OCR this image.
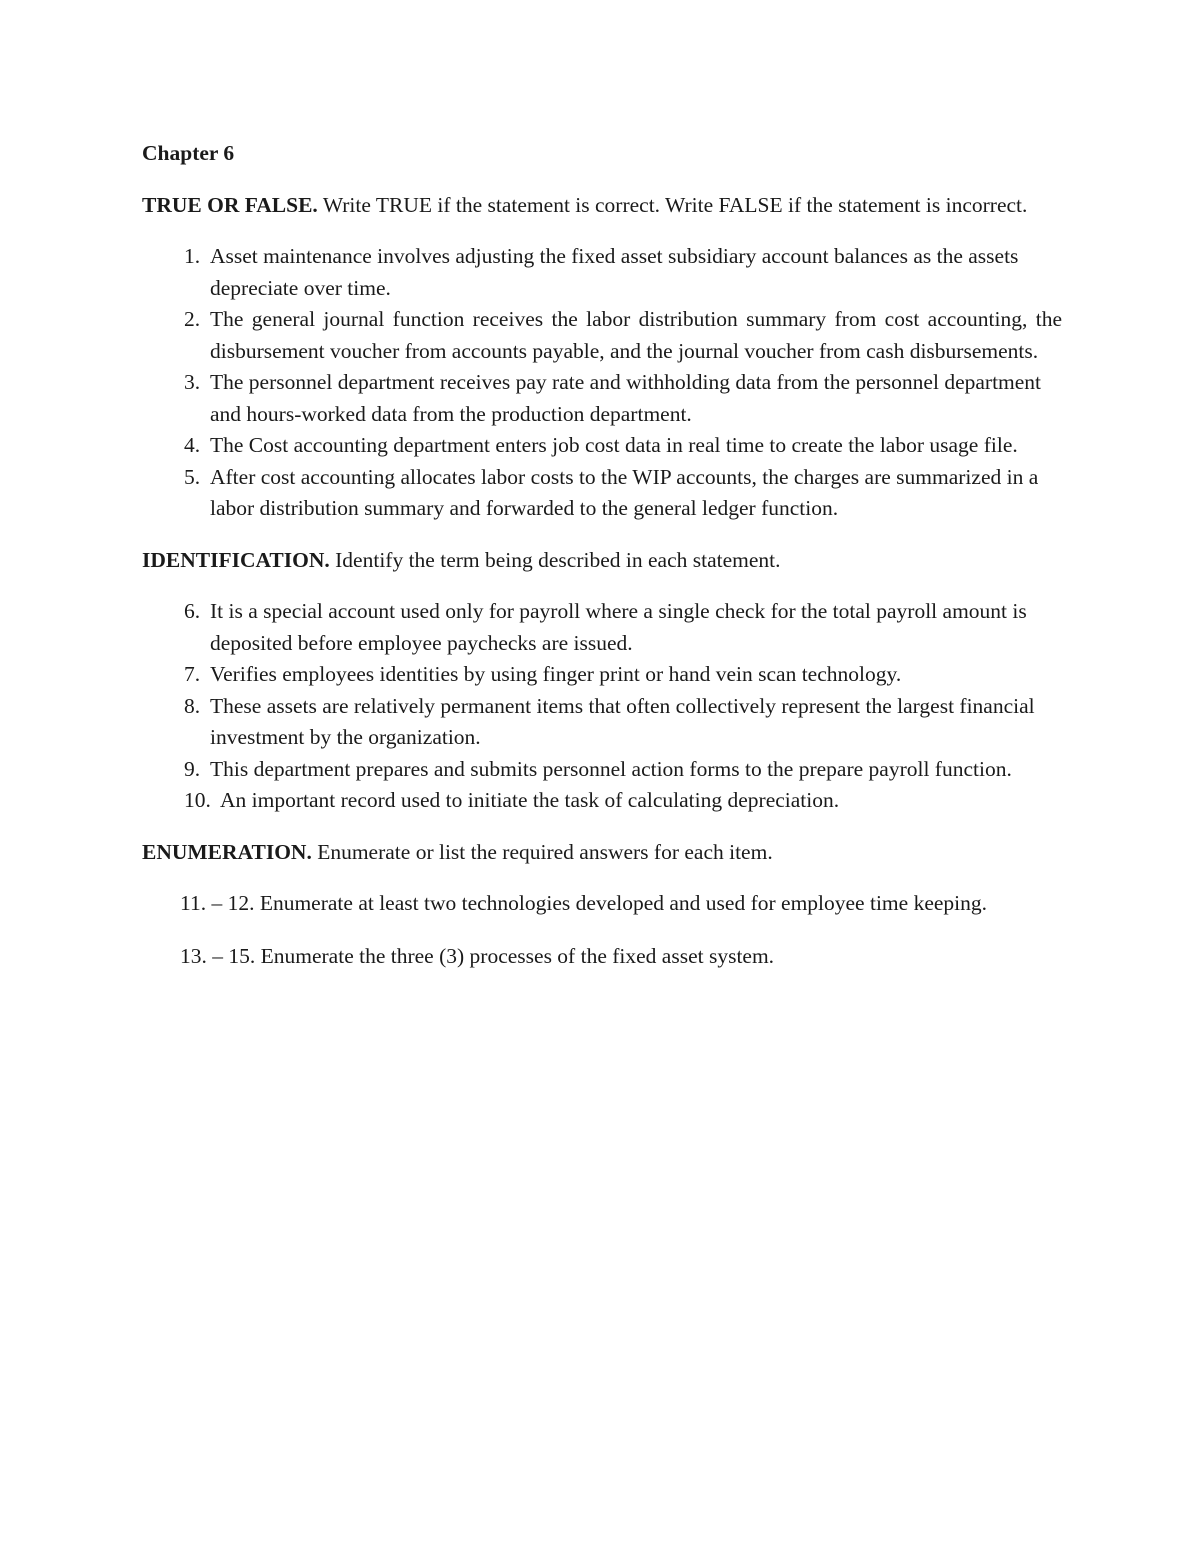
Chapter 6

TRUE OR FALSE. Write TRUE if the statement is correct. Write FALSE if the statement is incorrect.

1. Asset maintenance involves adjusting the fixed asset subsidiary account balances as the assets depreciate over time.
2. The general journal function receives the labor distribution summary from cost accounting, the disbursement voucher from accounts payable, and the journal voucher from cash disbursements.
3. The personnel department receives pay rate and withholding data from the personnel department and hours-worked data from the production department.
4. The Cost accounting department enters job cost data in real time to create the labor usage file.
5. After cost accounting allocates labor costs to the WIP accounts, the charges are summarized in a labor distribution summary and forwarded to the general ledger function.

IDENTIFICATION. Identify the term being described in each statement.

6. It is a special account used only for payroll where a single check for the total payroll amount is deposited before employee paychecks are issued.
7. Verifies employees identities by using finger print or hand vein scan technology.
8. These assets are relatively permanent items that often collectively represent the largest financial investment by the organization.
9. This department prepares and submits personnel action forms to the prepare payroll function.
10. An important record used to initiate the task of calculating depreciation.

ENUMERATION. Enumerate or list the required answers for each item.

11. – 12. Enumerate at least two technologies developed and used for employee time keeping.
13. – 15. Enumerate the three (3) processes of the fixed asset system.
